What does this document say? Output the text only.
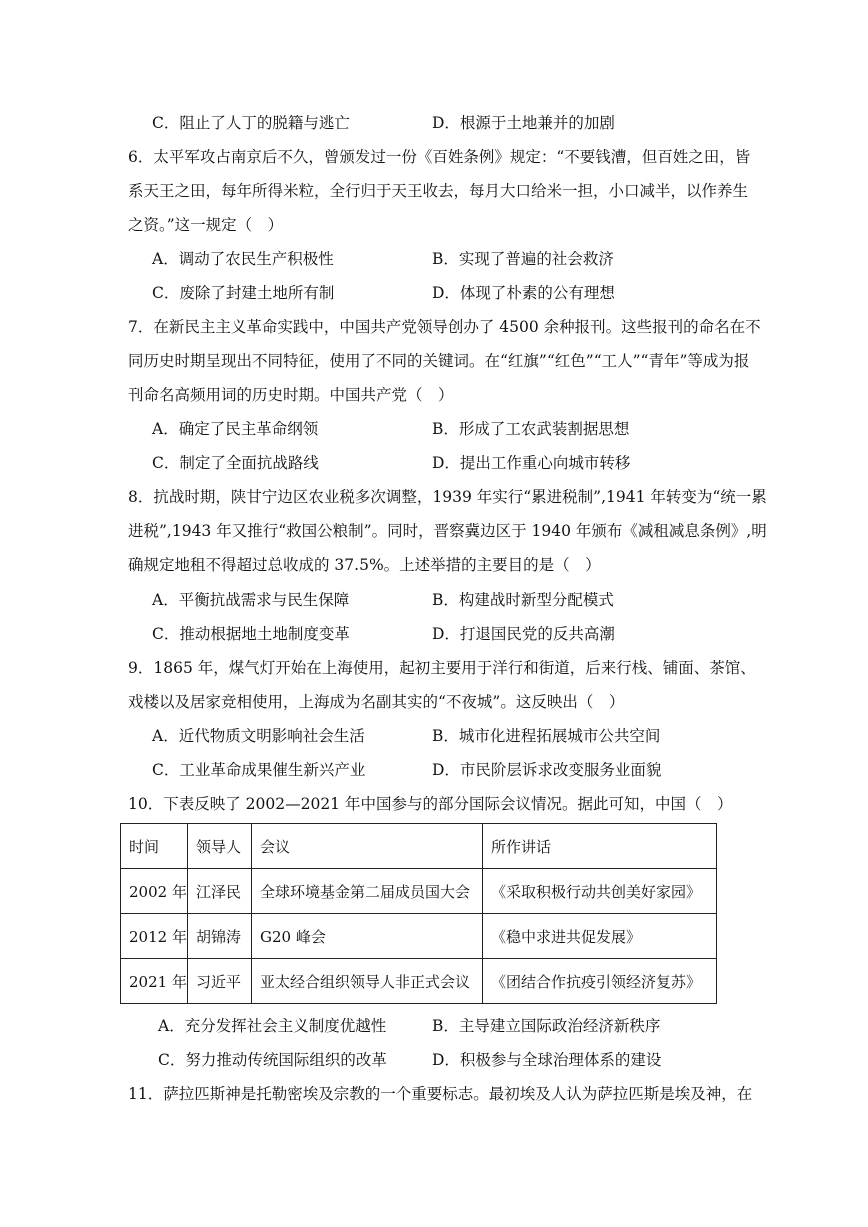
C．阻止了人丁的脱籍与逃亡	D．根源于土地兼并的加剧
6．太平军攻占南京后不久，曾颁发过一份《百姓条例》规定：“不要钱漕，但百姓之田，皆
系天王之田，每年所得米粒，全行归于天王收去，每月大口给米一担，小口减半，以作养生
之资。”这一规定（　）
A．调动了农民生产积极性	B．实现了普遍的社会救济
C．废除了封建土地所有制	D．体现了朴素的公有理想
7．在新民主主义革命实践中，中国共产党领导创办了 4500 余种报刊。这些报刊的命名在不
同历史时期呈现出不同特征，使用了不同的关键词。在“红旗”“红色”“工人”“青年”等成为报
刊命名高频用词的历史时期。中国共产党（　）
A．确定了民主革命纲领	B．形成了工农武装割据思想
C．制定了全面抗战路线	D．提出工作重心向城市转移
8．抗战时期，陕甘宁边区农业税多次调整，1939 年实行“累进税制”,1941 年转变为“统一累
进税”,1943 年又推行“救国公粮制”。同时，晋察冀边区于 1940 年颁布《减租减息条例》,明
确规定地租不得超过总收成的 37.5%。上述举措的主要目的是（　）
A．平衡抗战需求与民生保障	B．构建战时新型分配模式
C．推动根据地土地制度变革	D．打退国民党的反共高潮
9．1865 年，煤气灯开始在上海使用，起初主要用于洋行和街道，后来行栈、铺面、茶馆、
戏楼以及居家竞相使用，上海成为名副其实的“不夜城”。这反映出（　）
A．近代物质文明影响社会生活	B．城市化进程拓展城市公共空间
C．工业革命成果催生新兴产业	D．市民阶层诉求改变服务业面貌
10．下表反映了 2002—2021 年中国参与的部分国际会议情况。据此可知，中国（　）
时间	领导人	会议	所作讲话
2002 年	江泽民	全球环境基金第二届成员国大会	《采取积极行动共创美好家园》
2012 年	胡锦涛	G20 峰会	《稳中求进共促发展》
2021 年	习近平	亚太经合组织领导人非正式会议	《团结合作抗疫引领经济复苏》
A．充分发挥社会主义制度优越性	B．主导建立国际政治经济新秩序
C．努力推动传统国际组织的改革	D．积极参与全球治理体系的建设
11．萨拉匹斯神是托勒密埃及宗教的一个重要标志。最初埃及人认为萨拉匹斯是埃及神，在
